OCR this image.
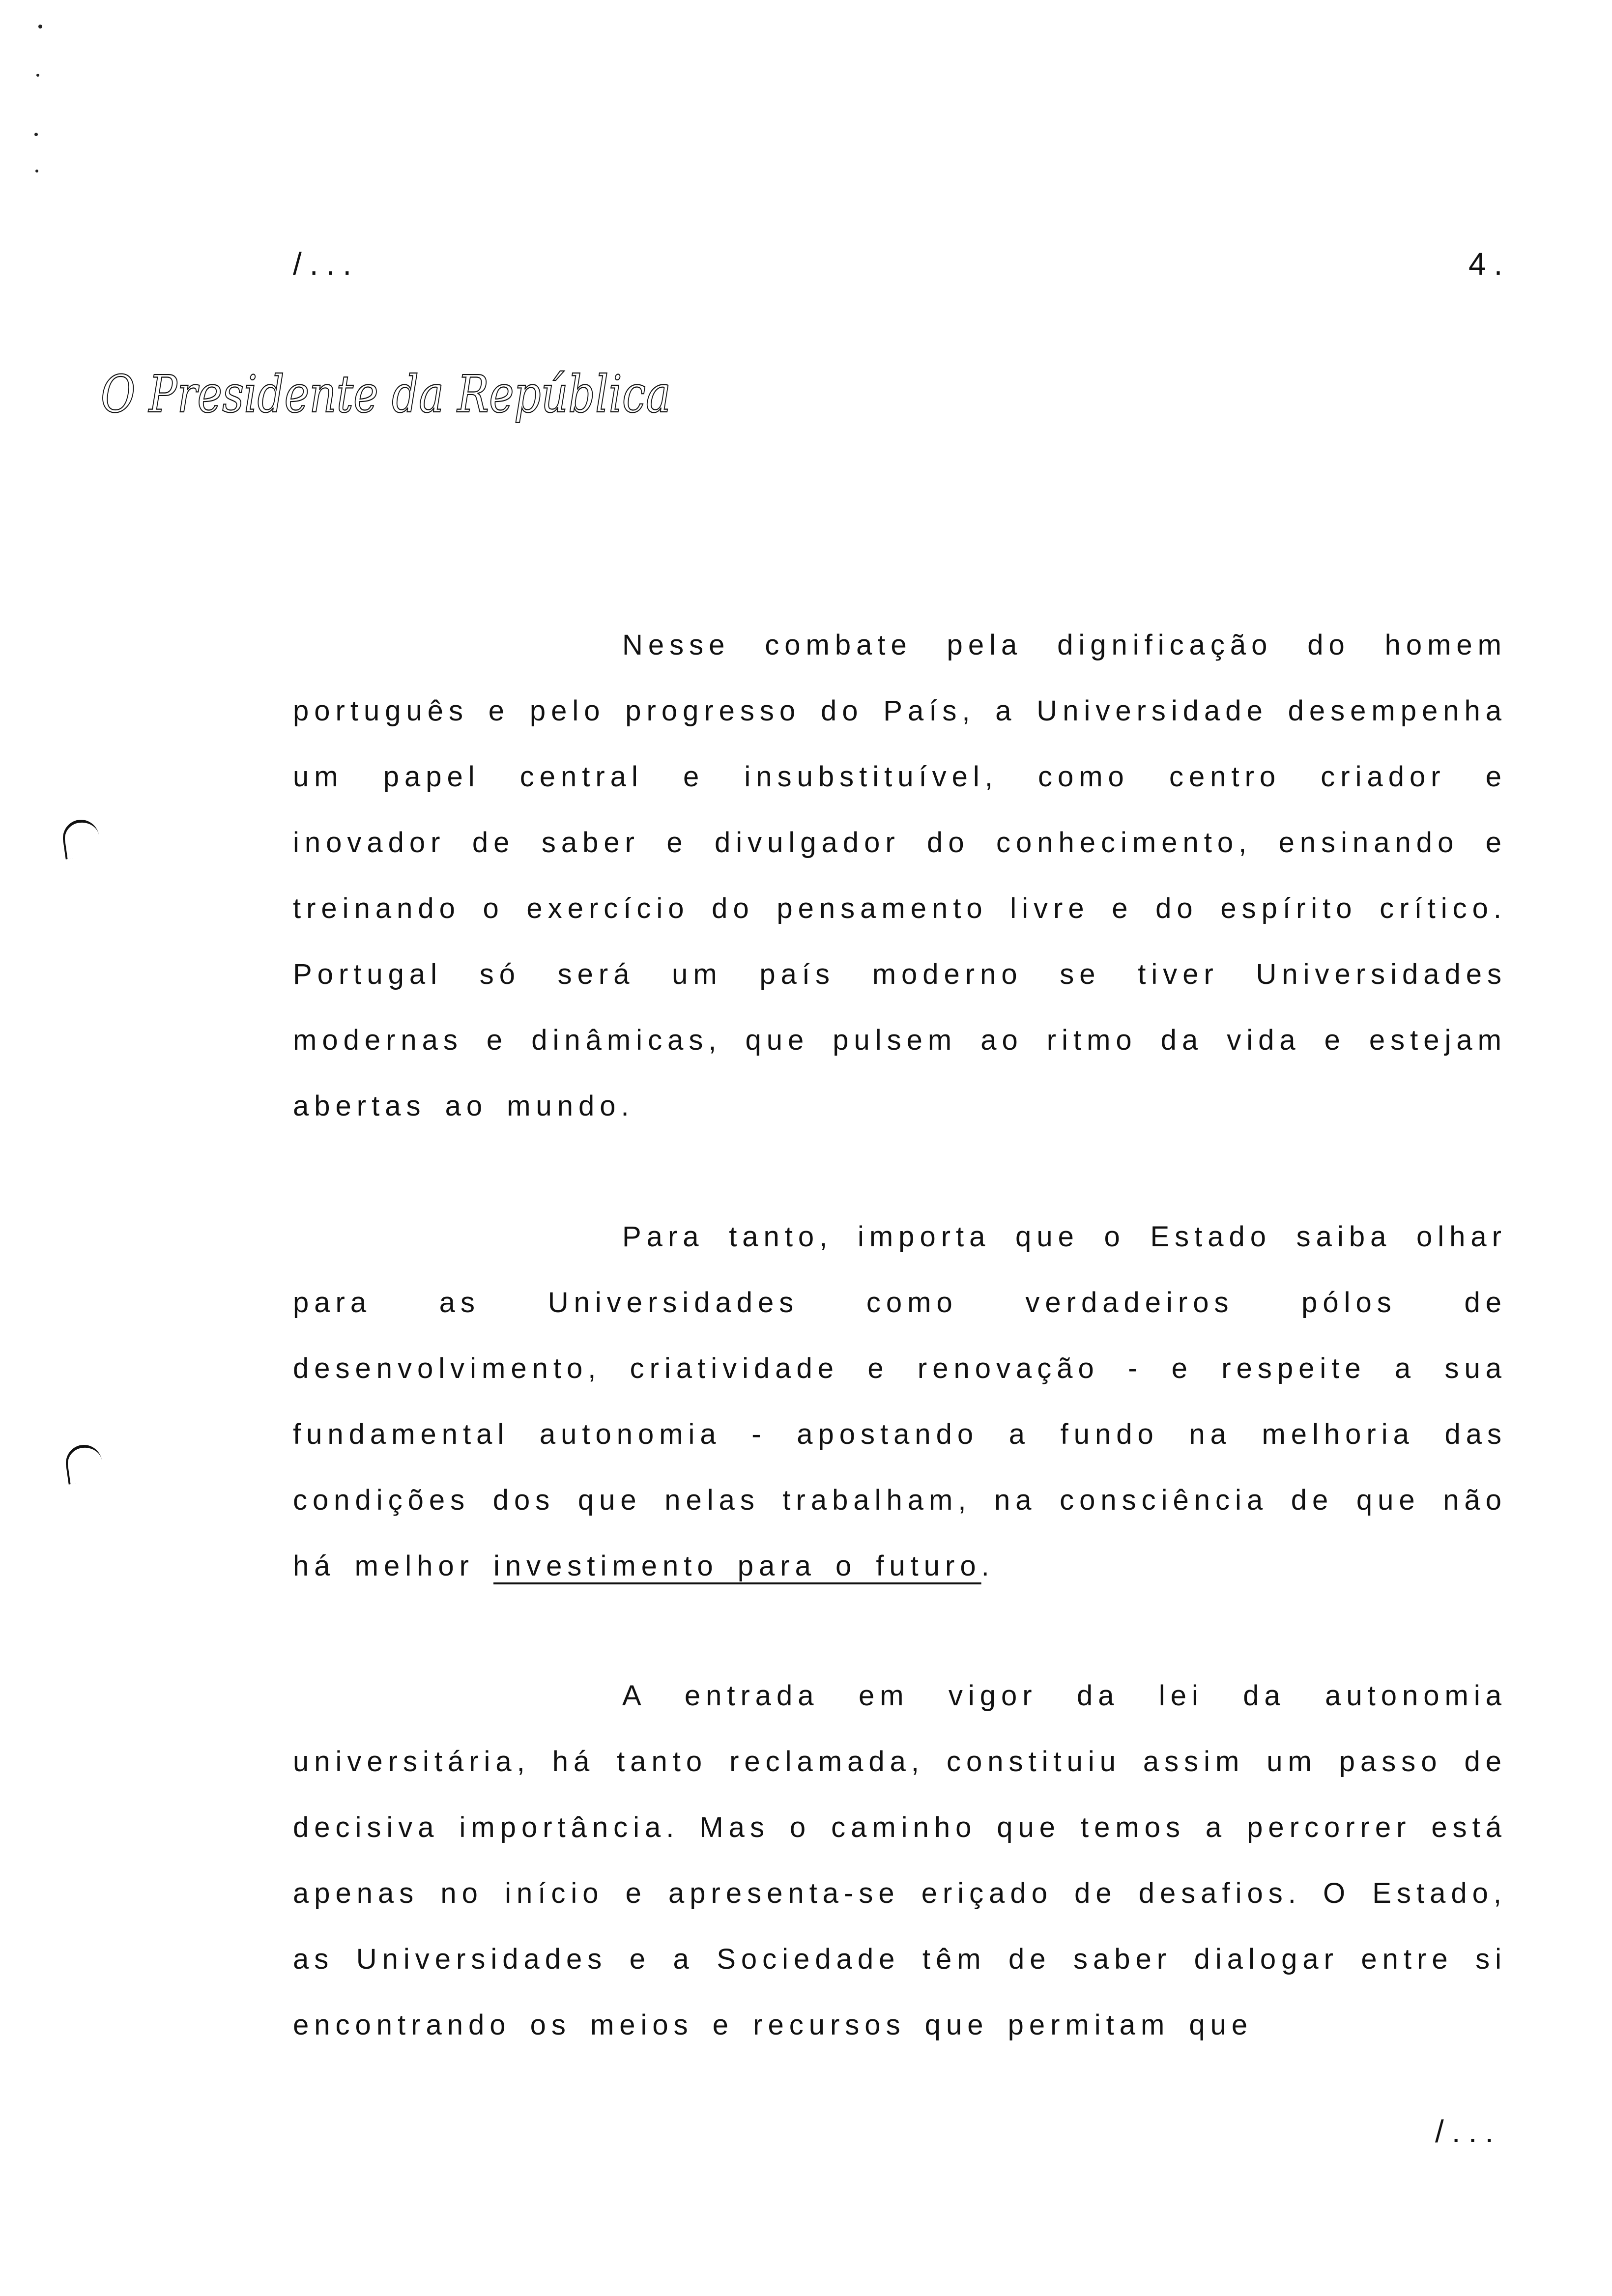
/...	4.
O Presidente da República

Nesse combate pela dignificação do homem português e pelo progresso do País, a Universidade desempenha um papel central e insubstituível, como centro criador e inovador de saber e divulgador do conhecimento, ensinando e treinando o exercício do pensamento livre e do espírito crítico. Portugal só será um país moderno se tiver Universidades modernas e dinâmicas, que pulsem ao ritmo da vida e estejam abertas ao mundo.

Para tanto, importa que o Estado saiba olhar para as Universidades como verdadeiros pólos de desenvolvimento, criatividade e renovação - e respeite a sua fundamental autonomia - apostando a fundo na melhoria das condições dos que nelas trabalham, na consciência de que não há melhor investimento para o futuro.

A entrada em vigor da lei da autonomia universitária, há tanto reclamada, constituiu assim um passo de decisiva importância. Mas o caminho que temos a percorrer está apenas no início e apresenta-se eriçado de desafios. O Estado, as Universidades e a Sociedade têm de saber dialogar entre si encontrando os meios e recursos que permitam que

/...
